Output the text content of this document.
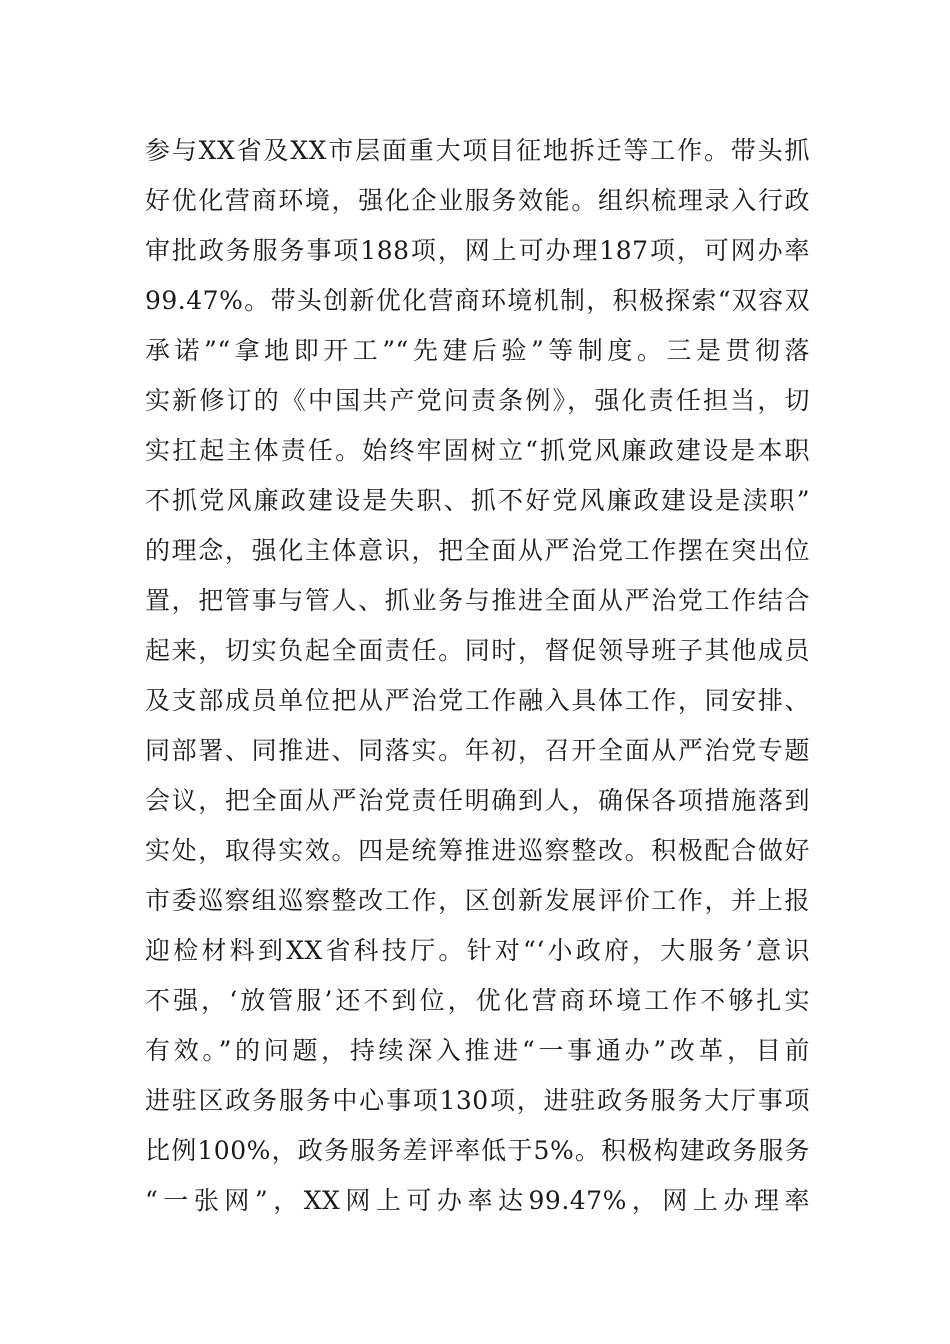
参与XX省及XX市层面重大项目征地拆迁等工作。带头抓
好优化营商环境，强化企业服务效能。组织梳理录入行政
审批政务服务事项188项，网上可办理187项，可网办率
99.47%。带头创新优化营商环境机制，积极探索“双容双
承诺”“拿地即开工”“先建后验”等制度。三是贯彻落
实新修订的《中国共产党问责条例》，强化责任担当，切
实扛起主体责任。始终牢固树立“抓党风廉政建设是本职
不抓党风廉政建设是失职、抓不好党风廉政建设是渎职”
的理念，强化主体意识，把全面从严治党工作摆在突出位
置，把管事与管人、抓业务与推进全面从严治党工作结合
起来，切实负起全面责任。同时，督促领导班子其他成员
及支部成员单位把从严治党工作融入具体工作，同安排、
同部署、同推进、同落实。年初，召开全面从严治党专题
会议，把全面从严治党责任明确到人，确保各项措施落到
实处，取得实效。四是统筹推进巡察整改。积极配合做好
市委巡察组巡察整改工作，区创新发展评价工作，并上报
迎检材料到XX省科技厅。针对“‘小政府，大服务’意识
不强，‘放管服’还不到位，优化营商环境工作不够扎实
有效。”的问题，持续深入推进“一事通办”改革，目前
进驻区政务服务中心事项130项，进驻政务服务大厅事项
比例100%，政务服务差评率低于5%。积极构建政务服务
“一张网”，XX网上可办率达99.47%，网上办理率
